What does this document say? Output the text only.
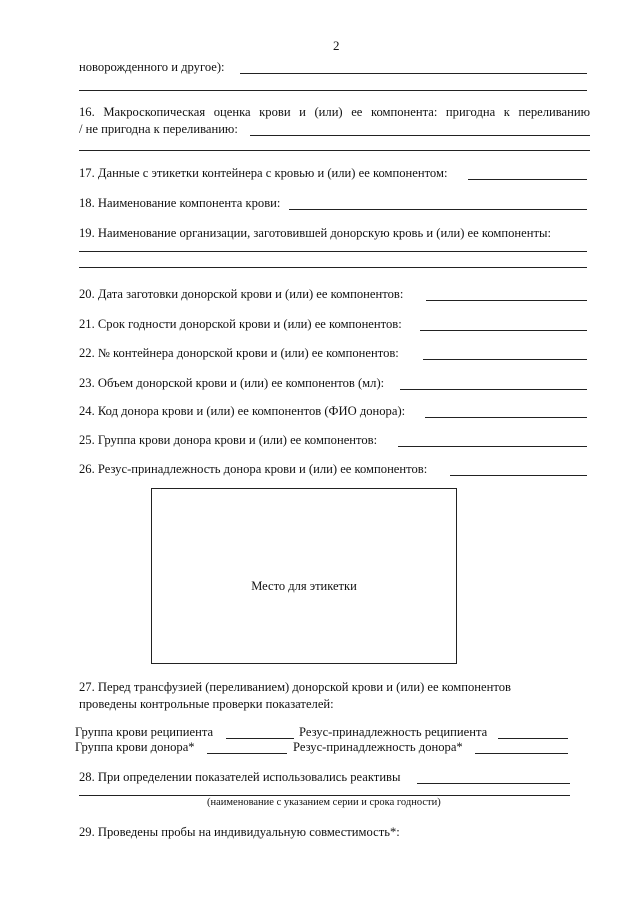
2
новорожденного и другое):
16. Макроскопическая оценка крови и (или) ее компонента: пригодна к переливанию
/ не пригодна к переливанию:
17. Данные с этикетки контейнера с кровью и (или) ее компонентом:
18. Наименование компонента крови:
19. Наименование организации, заготовившей донорскую кровь и (или) ее компоненты:
20. Дата заготовки донорской крови и (или) ее компонентов:
21. Срок годности донорской крови и (или) ее компонентов:
22. № контейнера донорской крови и (или) ее компонентов:
23. Объем донорской крови и (или) ее компонентов (мл):
24. Код донора крови и (или) ее компонентов (ФИО донора):
25. Группа крови донора крови и (или) ее компонентов:
26. Резус-принадлежность донора крови и (или) ее компонентов:
Место для этикетки
27. Перед трансфузией (переливанием) донорской крови и (или) ее компонентов
проведены контрольные проверки показателей:
Группа крови реципиента	Резус-принадлежность реципиента
Группа крови донора*	Резус-принадлежность донора*
28. При определении показателей использовались реактивы
(наименование с указанием серии и срока годности)
29. Проведены пробы на индивидуальную совместимость*:
